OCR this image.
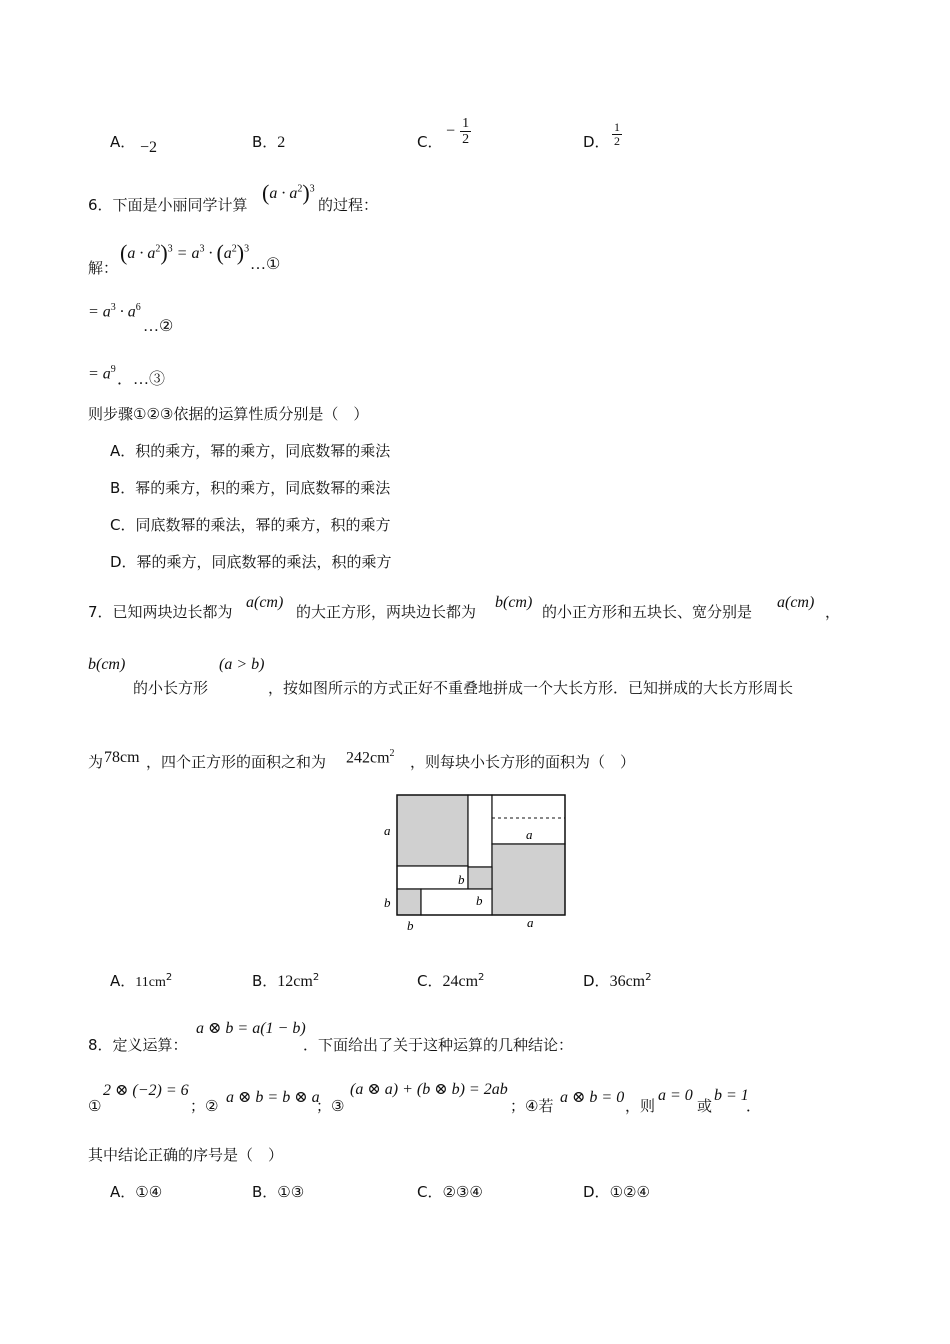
A． −2	B．2	C．
− $\frac{1}{2}$	D． $\frac{1}{2}$
6．下面是小丽同学计算 $(a \cdot a^2)^3$
的过程：
解：
$(a \cdot a^2)^3 = a^3 \cdot (a^2)^3$
…①
= $a^3 \cdot a^6$
…②
= $a^9$
．…③
则步骤①②③依据的运算性质分别是（　）
A．积的乘方，幂的乘方，同底数幂的乘法
B．幂的乘方，积的乘方，同底数幂的乘法
C．同底数幂的乘法，幂的乘方，积的乘方
D．幂的乘方，同底数幂的乘法，积的乘方
7．已知两块边长都为
a(cm)
的大正方形，两块边长都为
b(cm)
的小正方形和五块长、宽分别是
a(cm)
，
b(cm)
的小长方形
(a > b)
，按如图所示的方式正好不重叠地拼成一个大长方形．已知拼成的大长方形周长
为 78cm ，四个正方形的面积之和为 $242cm^2$ ，则每块小长方形的面积为（　）
a
b
b	a
a
b
b
A．$11cm^2$	B．$12cm^2$	C．$24cm^2$	D．$36cm^2$
8．定义运算：
a ⊗ b = a(1 − b)
．下面给出了关于这种运算的几种结论：
①
2 ⊗ (−2) = 6
；② a ⊗ b = b ⊗ a
；③
(a ⊗ a) + (b ⊗ b) = 2ab
；④若 a ⊗ b = 0 ，则
a = 0
或
b = 1
．
其中结论正确的序号是（　）
A．①④	B．①③	C．②③④	D．①②④
